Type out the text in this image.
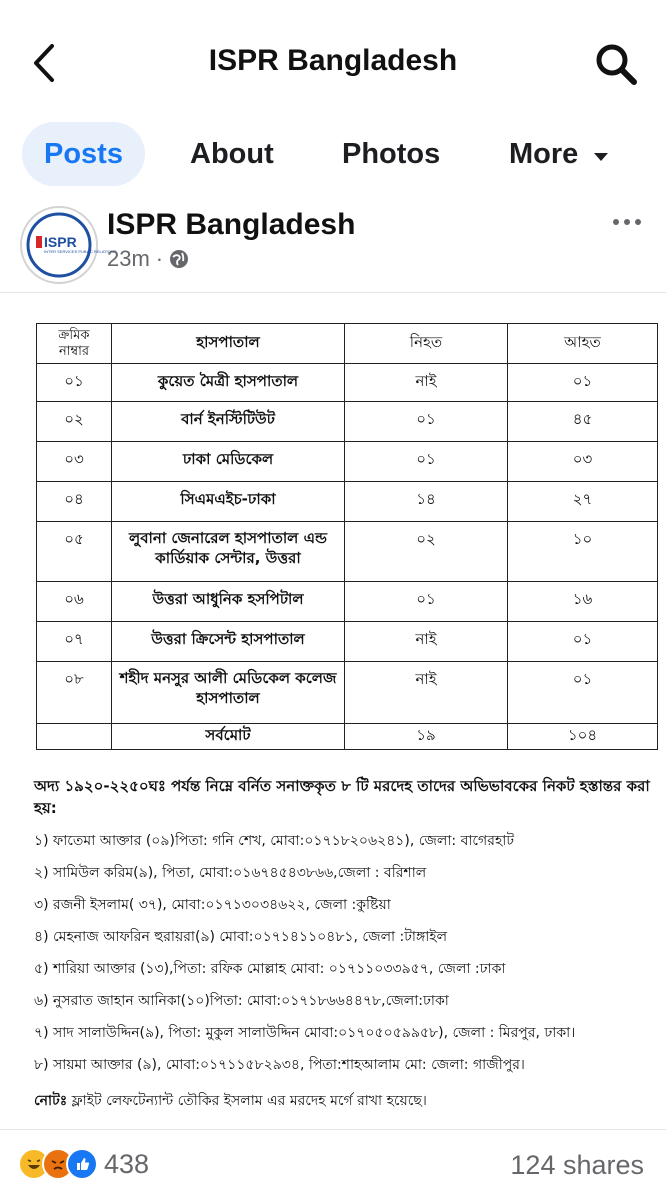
ISPR Bangladesh
Posts	About Photos More
ISPR
INTER SERVICES PUBLIC RELATIONS
ISPR Bangladesh
23m ·
ক্রমিক নাম্বার	হাসপাতাল	নিহত	আহত
০১	কুয়েত মৈত্রী হাসপাতাল	নাই	০১
০২	বার্ন ইনস্টিটিউট	০১	৪৫
০৩	ঢাকা মেডিকেল	০১	০৩
০৪	সিএমএইচ-ঢাকা	১৪	২৭
০৫	লুবানা জেনারেল হাসপাতাল এন্ড কার্ডিয়াক সেন্টার, উত্তরা	০২	১০
০৬	উত্তরা আধুনিক হসপিটাল	০১	১৬
০৭	উত্তরা ক্রিসেন্ট হাসপাতাল	নাই	০১
০৮	শহীদ মনসুর আলী মেডিকেল কলেজ হাসপাতাল	নাই	০১
	সর্বমোট	১৯	১০৪
অদ্য ১৯২০-২২৫০ঘঃ পর্যন্ত নিম্নে বর্নিত সনাক্তকৃত ৮ টি মরদেহ তাদের অভিভাবকের নিকট হস্তান্তর করা হয়:
১) ফাতেমা আক্তার (০৯)পিতা: গনি শেখ, মোবা:০১৭১৮২০৬২৪১), জেলা: বাগেরহাট
২) সামিউল করিম(৯), পিতা, মোবা:০১৬৭৪৫৪৩৮৬৬,জেলা : বরিশাল
৩) রজনী ইসলাম( ৩৭), মোবা:০১৭১৩০৩৪৬২২, জেলা :কুষ্টিয়া
৪) মেহনাজ আফরিন হুরায়রা(৯) মোবা:০১৭১৪১১০৪৮১, জেলা :টাঙ্গাইল
৫) শারিয়া আক্তার (১৩),পিতা: রফিক মোল্লাহ মোবা: ০১৭১১০৩৩৯৫৭, জেলা :ঢাকা
৬) নুসরাত জাহান আনিকা(১০)পিতা: মোবা:০১৭১৮৬৬৪৪৭৮,জেলা:ঢাকা
৭) সাদ সালাউদ্দিন(৯), পিতা: মুকুল সালাউদ্দিন মোবা:০১৭০৫০৫৯৯৫৮), জেলা : মিরপুর, ঢাকা।
৮) সায়মা আক্তার (৯), মোবা:০১৭১১৫৮২৯৩৪, পিতা:শাহআলাম মো: জেলা: গাজীপুর।
নোটঃ ফ্লাইট লেফটেন্যান্ট তৌকির ইসলাম এর মরদেহ মর্গে রাখা হয়েছে।
438	124 shares
